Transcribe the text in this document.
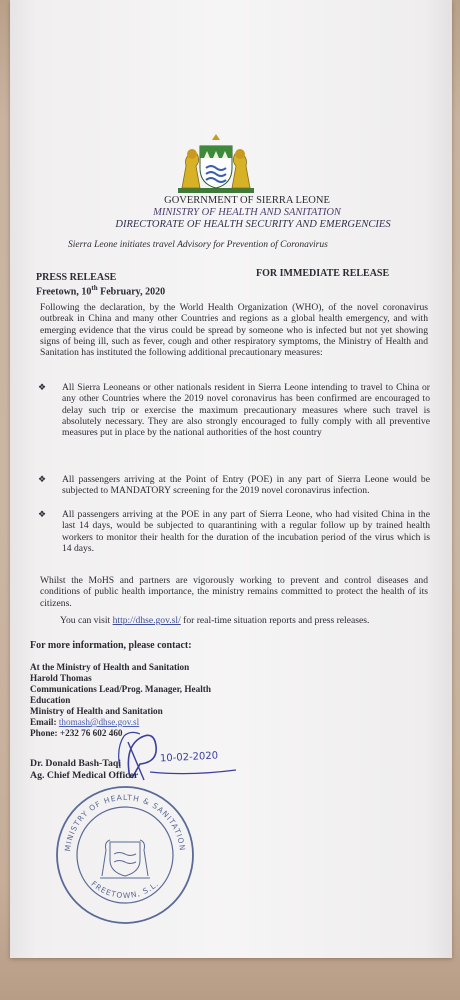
GOVERNMENT OF SIERRA LEONE
MINISTRY OF HEALTH AND SANITATION
DIRECTORATE OF HEALTH SECURITY AND EMERGENCIES
Sierra Leone initiates travel Advisory for Prevention of Coronavirus
PRESS RELEASE	FOR IMMEDIATE RELEASE
Freetown, 10th February, 2020
Following the declaration, by the World Health Organization (WHO), of the novel coronavirus outbreak in China and many other Countries and regions as a global health emergency, and with emerging evidence that the virus could be spread by someone who is infected but not yet showing signs of being ill, such as fever, cough and other respiratory symptoms, the Ministry of Health and Sanitation has instituted the following additional precautionary measures:
❖ All Sierra Leoneans or other nationals resident in Sierra Leone intending to travel to China or any other Countries where the 2019 novel coronavirus has been confirmed are encouraged to delay such trip or exercise the maximum precautionary measures where such travel is absolutely necessary. They are also strongly encouraged to fully comply with all preventive measures put in place by the national authorities of the host country
❖ All passengers arriving at the Point of Entry (POE) in any part of Sierra Leone would be subjected to MANDATORY screening for the 2019 novel coronavirus infection.
❖ All passengers arriving at the POE in any part of Sierra Leone, who had visited China in the last 14 days, would be subjected to quarantining with a regular follow up by trained health workers to monitor their health for the duration of the incubation period of the virus which is 14 days.
Whilst the MoHS and partners are vigorously working to prevent and control diseases and conditions of public health importance, the ministry remains committed to protect the health of its citizens.
You can visit http://dhse.gov.sl/ for real-time situation reports and press releases.
For more information, please contact:
At the Ministry of Health and Sanitation
Harold Thomas
Communications Lead/Prog. Manager, Health
Education
Ministry of Health and Sanitation
Email: thomash@dhse.gov.sl
Phone: +232 76 602 460
10-02-2020
Dr. Donald Bash-Taqi
Ag. Chief Medical Officer
MINISTRY OF HEALTH & SANITATION
FREETOWN, S.L.
